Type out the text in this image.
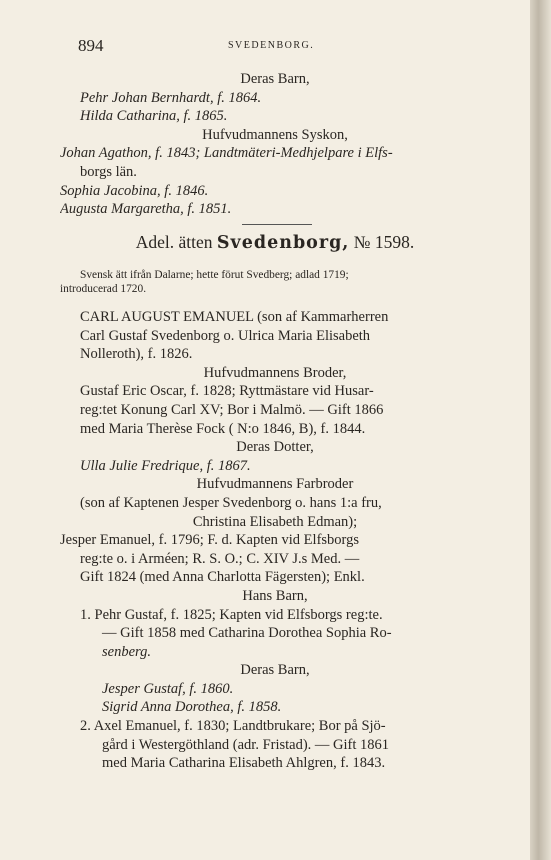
894	SVEDENBORG.
Deras Barn,
Pehr Johan Bernhardt, f. 1864.
Hilda Catharina, f. 1865.
Hufvudmannens Syskon,
Johan Agathon, f. 1843; Landtmäteri-Medhjelpare i Elfs-
borgs län.
Sophia Jacobina, f. 1846.
Augusta Margaretha, f. 1851.
Adel. ätten Svedenborg, № 1598.
Svensk ätt ifrån Dalarne; hette förut Svedberg; adlad 1719;
introducerad 1720.
CARL AUGUST EMANUEL (son af Kammarherren
Carl Gustaf Svedenborg o. Ulrica Maria Elisabeth
Nolleroth), f. 1826.
Hufvudmannens Broder,
Gustaf Eric Oscar, f. 1828; Ryttmästare vid Husar-
reg:tet Konung Carl XV; Bor i Malmö. — Gift 1866
med Maria Therèse Fock ( N:o 1846, B), f. 1844.
Deras Dotter,
Ulla Julie Fredrique, f. 1867.
Hufvudmannens Farbroder
(son af Kaptenen Jesper Svedenborg o. hans 1:a fru,
Christina Elisabeth Edman);
Jesper Emanuel, f. 1796; F. d. Kapten vid Elfsborgs
reg:te o. i Arméen; R. S. O.; C. XIV J.s Med. —
Gift 1824 (med Anna Charlotta Fägersten); Enkl.
Hans Barn,
1. Pehr Gustaf, f. 1825; Kapten vid Elfsborgs reg:te.
— Gift 1858 med Catharina Dorothea Sophia Ro-
senberg.
Deras Barn,
Jesper Gustaf, f. 1860.
Sigrid Anna Dorothea, f. 1858.
2. Axel Emanuel, f. 1830; Landtbrukare; Bor på Sjö-
gård i Westergöthland (adr. Fristad). — Gift 1861
med Maria Catharina Elisabeth Ahlgren, f. 1843.
